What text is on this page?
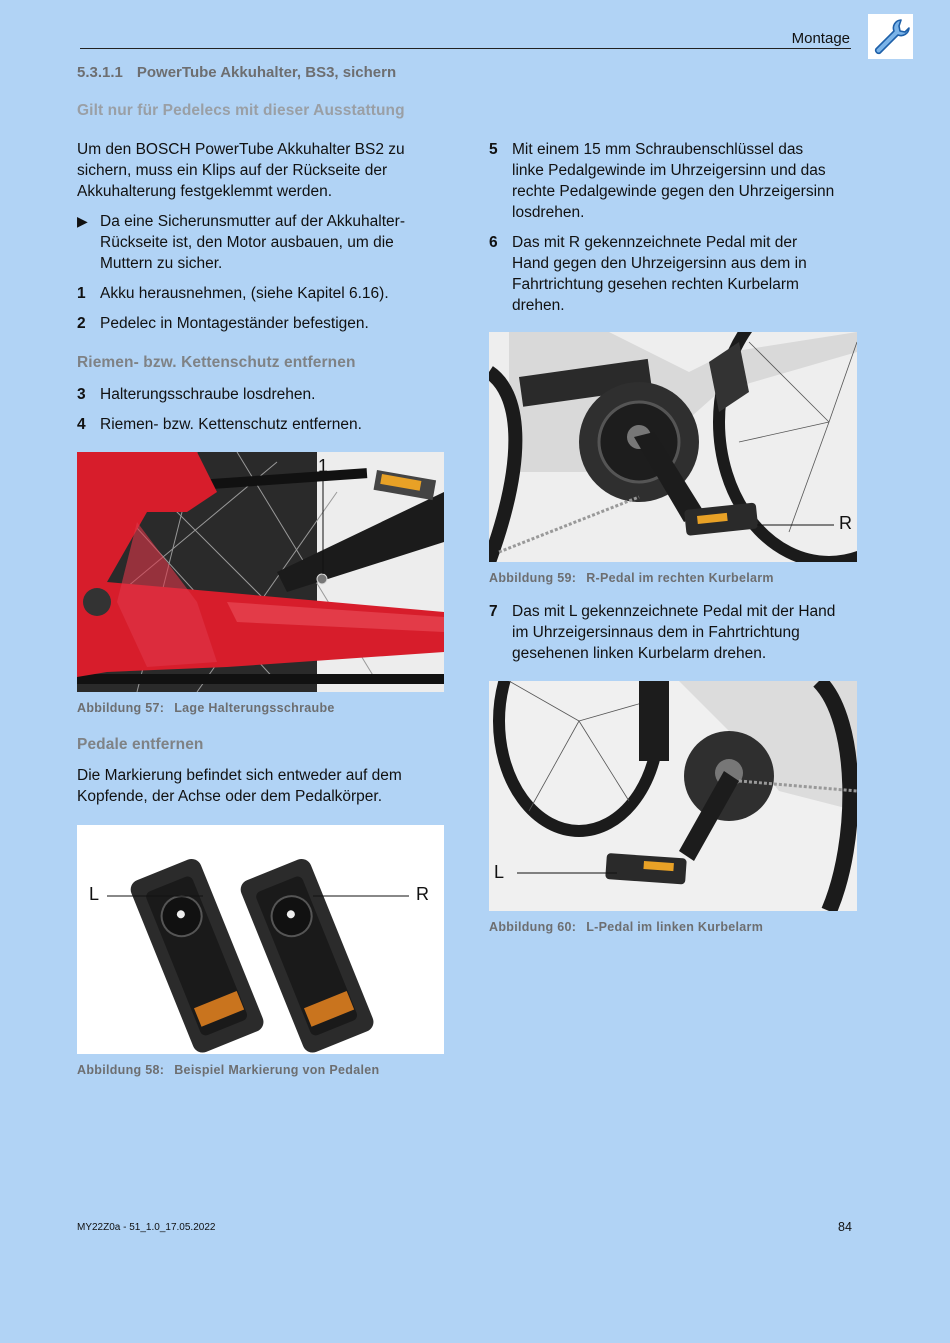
Montage
5.3.1.1 PowerTube Akkuhalter, BS3, sichern
Gilt nur für Pedelecs mit dieser Ausstattung
Um den BOSCH PowerTube Akkuhalter BS2 zu
sichern, muss ein Klips auf der Rückseite der
Akkuhalterung festgeklemmt werden.
▶ Da eine Sicherunsmutter auf der Akkuhalter-
Rückseite ist, den Motor ausbauen, um die
Muttern zu sicher.
1 Akku herausnehmen, (siehe Kapitel 6.16).
2 Pedelec in Montageständer befestigen.
Riemen- bzw. Kettenschutz entfernen
3 Halterungsschraube losdrehen.
4 Riemen- bzw. Kettenschutz entfernen.
1
Abbildung 57: Lage Halterungsschraube
Pedale entfernen
Die Markierung befindet sich entweder auf dem
Kopfende, der Achse oder dem Pedalkörper.
L	R
Abbildung 58: Beispiel Markierung von Pedalen
5 Mit einem 15 mm Schraubenschlüssel das
linke Pedalgewinde im Uhrzeigersinn und das
rechte Pedalgewinde gegen den Uhrzeigersinn
losdrehen.
6 Das mit R gekennzeichnete Pedal mit der
Hand gegen den Uhrzeigersinn aus dem in
Fahrtrichtung gesehen rechten Kurbelarm
drehen.
R
Abbildung 59: R-Pedal im rechten Kurbelarm
7 Das mit L gekennzeichnete Pedal mit der Hand
im Uhrzeigersinnaus dem in Fahrtrichtung
gesehenen linken Kurbelarm drehen.
L
Abbildung 60: L-Pedal im linken Kurbelarm
MY22Z0a - 51_1.0_17.05.2022	84
